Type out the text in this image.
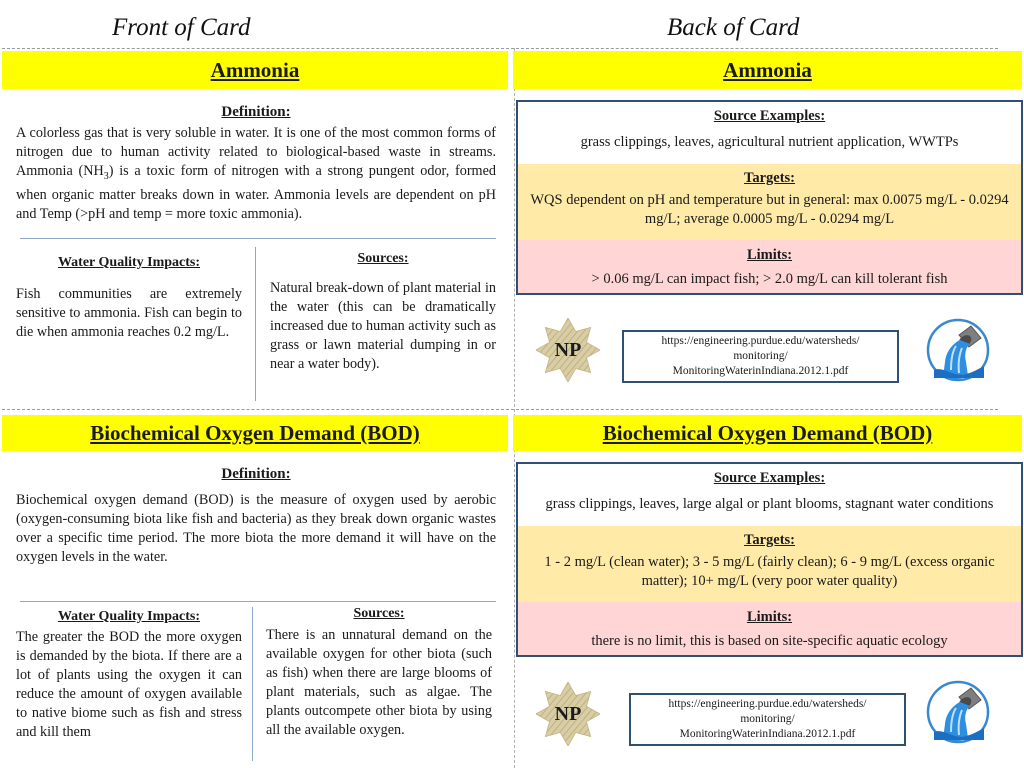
Front of Card	Back of Card
Ammonia
Definition:
A colorless gas that is very soluble in water. It is one of the most common forms of nitrogen due to human activity related to biological-based waste in streams. Ammonia $(NH_3)$ is a toxic form of nitrogen with a strong pungent odor, formed when organic matter breaks down in water. Ammonia levels are dependent on pH and Temp (>pH and temp = more toxic ammonia).
Water Quality Impacts:
Fish communities are extremely sensitive to ammonia. Fish can begin to die when ammonia reaches 0.2 mg/L.
Sources:
Natural break-down of plant material in the water (this can be dramatically increased due to human activity such as grass or lawn material dumping in or near a water body).
Ammonia
Source Examples:
grass clippings, leaves, agricultural nutrient application, WWTPs
Targets:
WQS dependent on pH and temperature but in general: max 0.0075 mg/L - 0.0294 mg/L; average 0.0005 mg/L - 0.0294 mg/L
Limits:
> 0.06 mg/L can impact fish; > 2.0 mg/L can kill tolerant fish
NP	https://engineering.purdue.edu/watersheds/
monitoring/
MonitoringWaterinIndiana.2012.1.pdf
Biochemical Oxygen Demand (BOD)
Definition:
Biochemical oxygen demand (BOD) is the measure of oxygen used by aerobic (oxygen-consuming biota like fish and bacteria) as they break down organic wastes over a specific time period. The more biota the more demand it will have on the oxygen levels in the water.
Water Quality Impacts:
The greater the BOD the more oxygen is demanded by the biota. If there are a lot of plants using the oxygen it can reduce the amount of oxygen available to native biome such as fish and stress and kill them
Sources:
There is an unnatural demand on the available oxygen for other biota (such as fish) when there are large blooms of plant materials, such as algae. The plants outcompete other biota by using all the available oxygen.
Biochemical Oxygen Demand (BOD)
Source Examples:
grass clippings, leaves, large algal or plant blooms, stagnant water conditions
Targets:
1 - 2 mg/L (clean water); 3 - 5 mg/L (fairly clean); 6 - 9 mg/L (excess organic matter); 10+ mg/L (very poor water quality)
Limits:
there is no limit, this is based on site-specific aquatic ecology
NP	https://engineering.purdue.edu/watersheds/
monitoring/
MonitoringWaterinIndiana.2012.1.pdf
